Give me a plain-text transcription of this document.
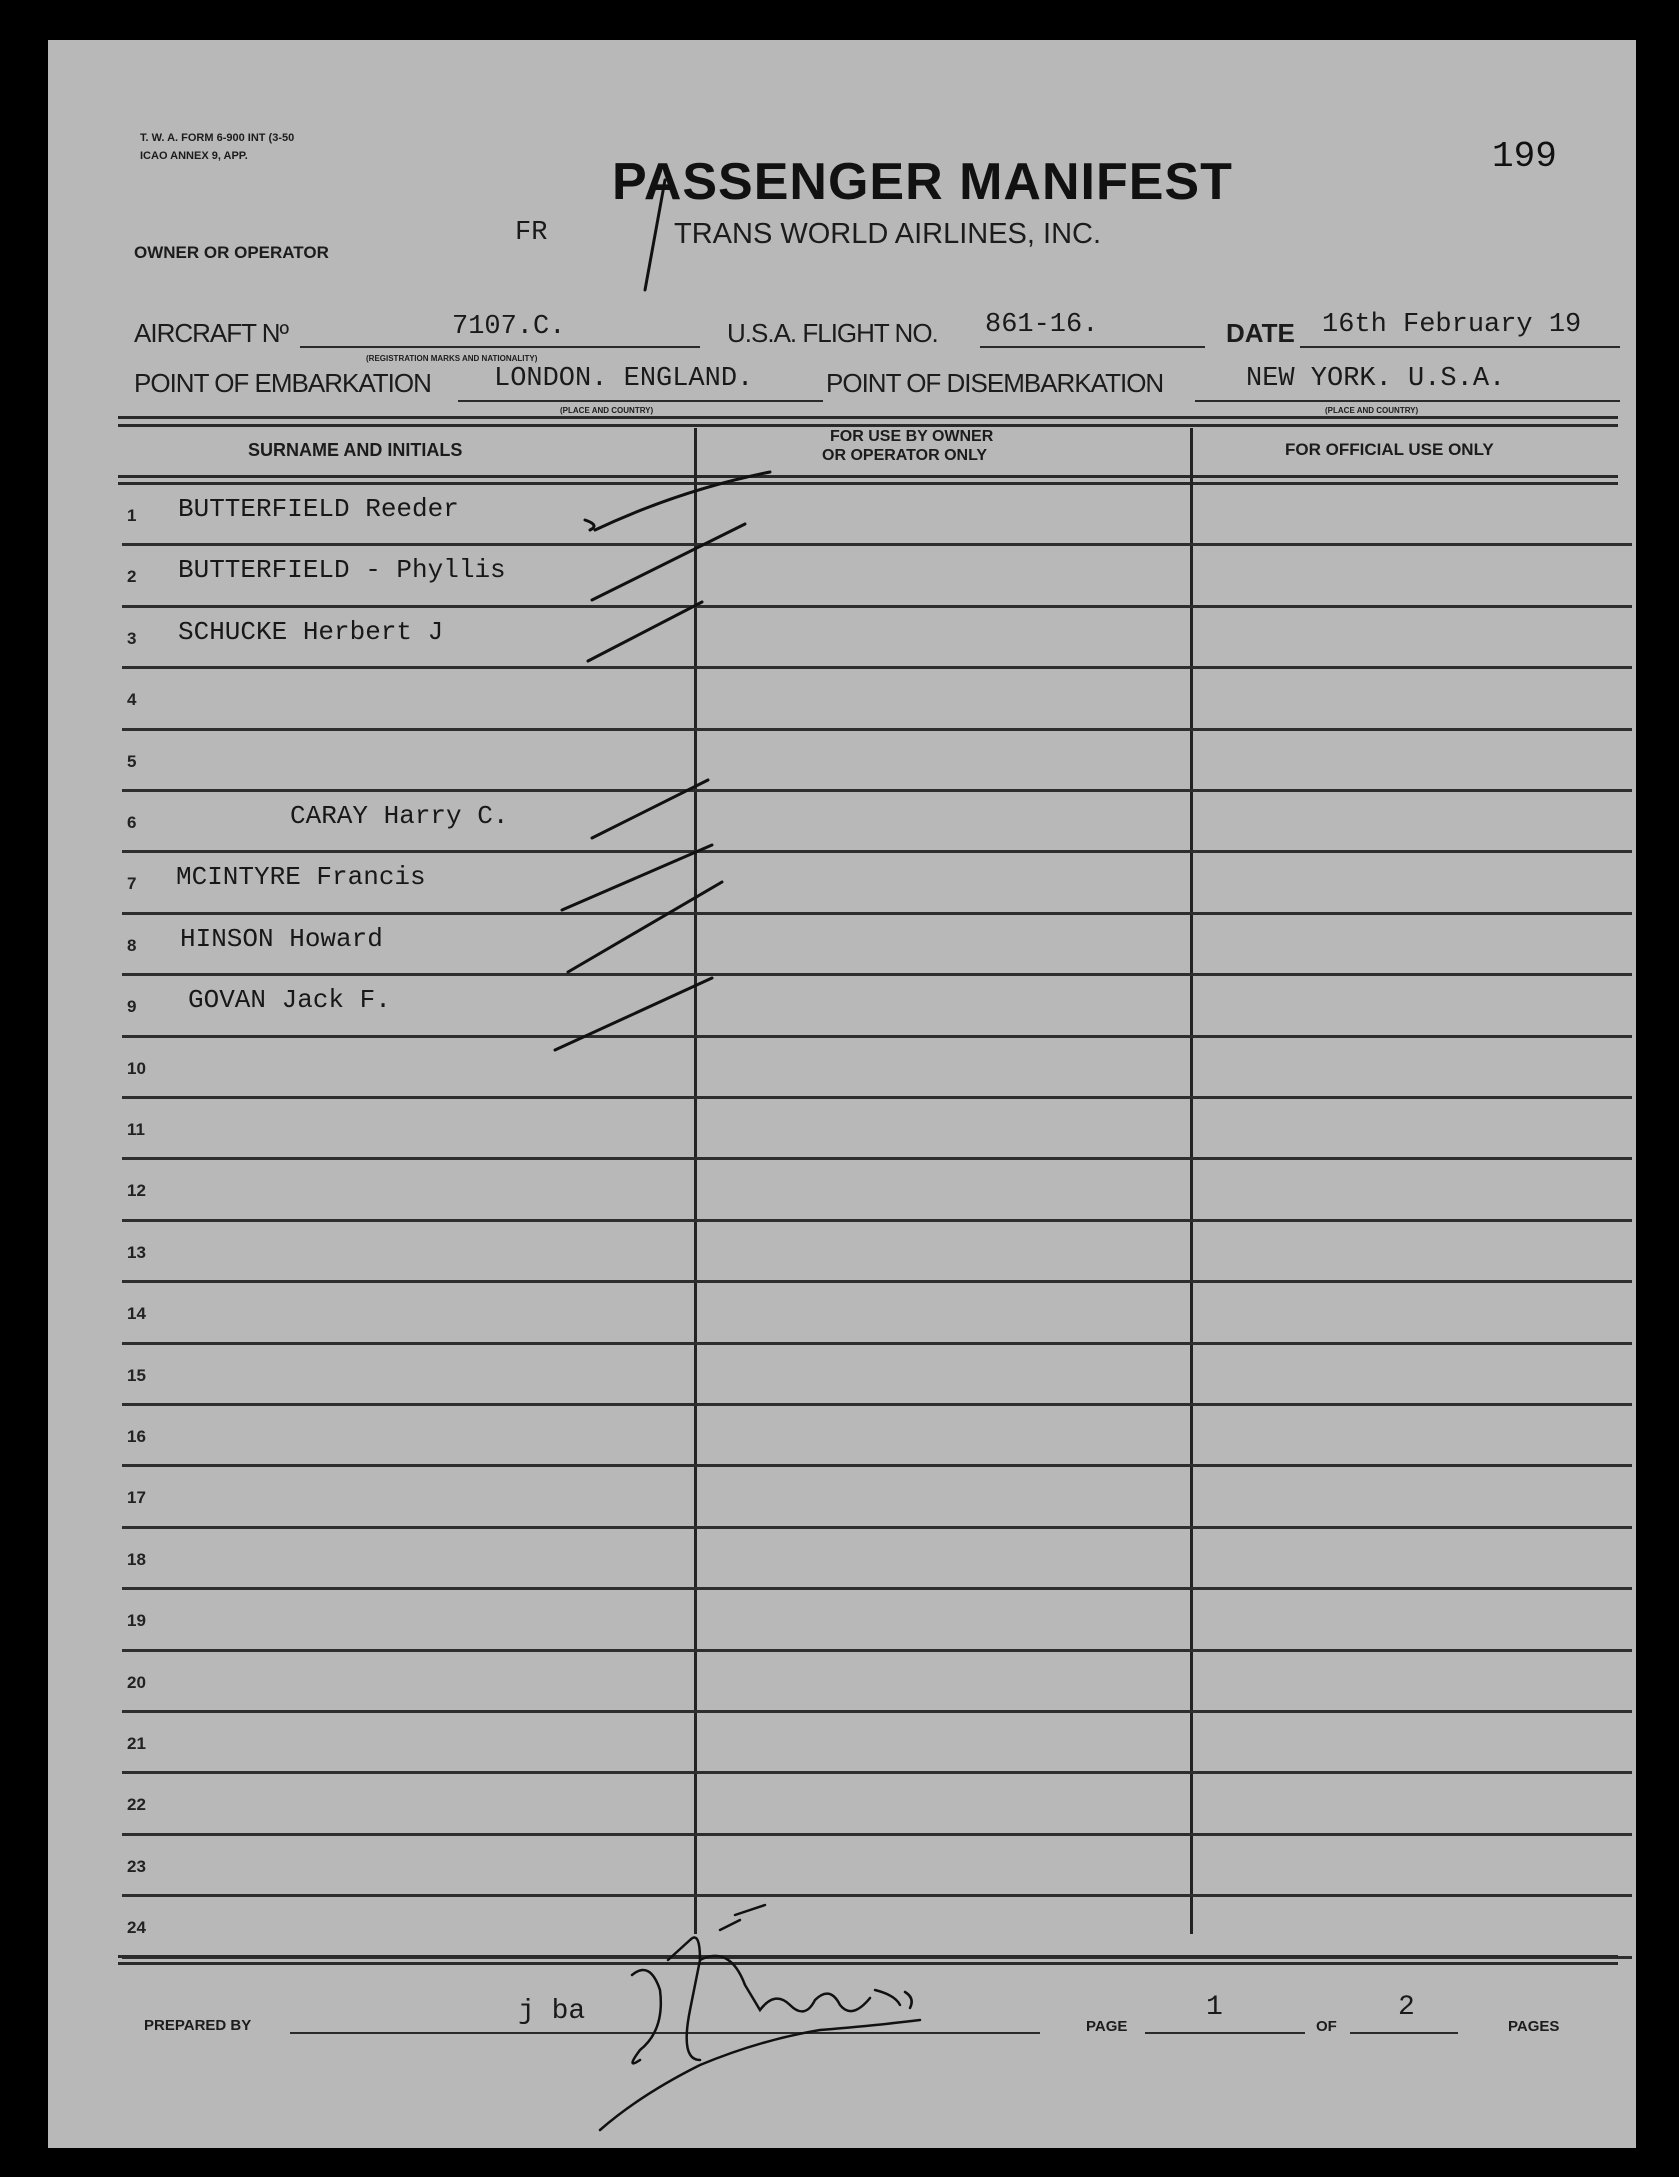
T. W. A. FORM 6-900 INT (3-50
ICAO ANNEX 9, APP.	199
PASSENGER MANIFEST
OWNER OR OPERATOR
FR	TRANS WORLD AIRLINES, INC.
AIRCRAFT Nº	7107.C.
(REGISTRATION MARKS AND NATIONALITY)
U.S.A. FLIGHT NO. 861-16.	DATE 16th February 19
POINT OF EMBARKATION LONDON. ENGLAND.
(PLACE AND COUNTRY)
POINT OF DISEMBARKATION	NEW YORK. U.S.A.
(PLACE AND COUNTRY)
SURNAME AND INITIALS
FOR USE BY OWNER
OR OPERATOR ONLY	FOR OFFICIAL USE ONLY
1	BUTTERFIELD Reeder
2	BUTTERFIELD - Phyllis
3	SCHUCKE Herbert J
4
5
6	CARAY Harry C.
7	MCINTYRE Francis
8	HINSON Howard
9	GOVAN Jack F.
10
11
12
13
14
15
16
17
18
19
20
21
22
23
24
PREPARED BY	j ba	PAGE
1
OF
2
PAGES
